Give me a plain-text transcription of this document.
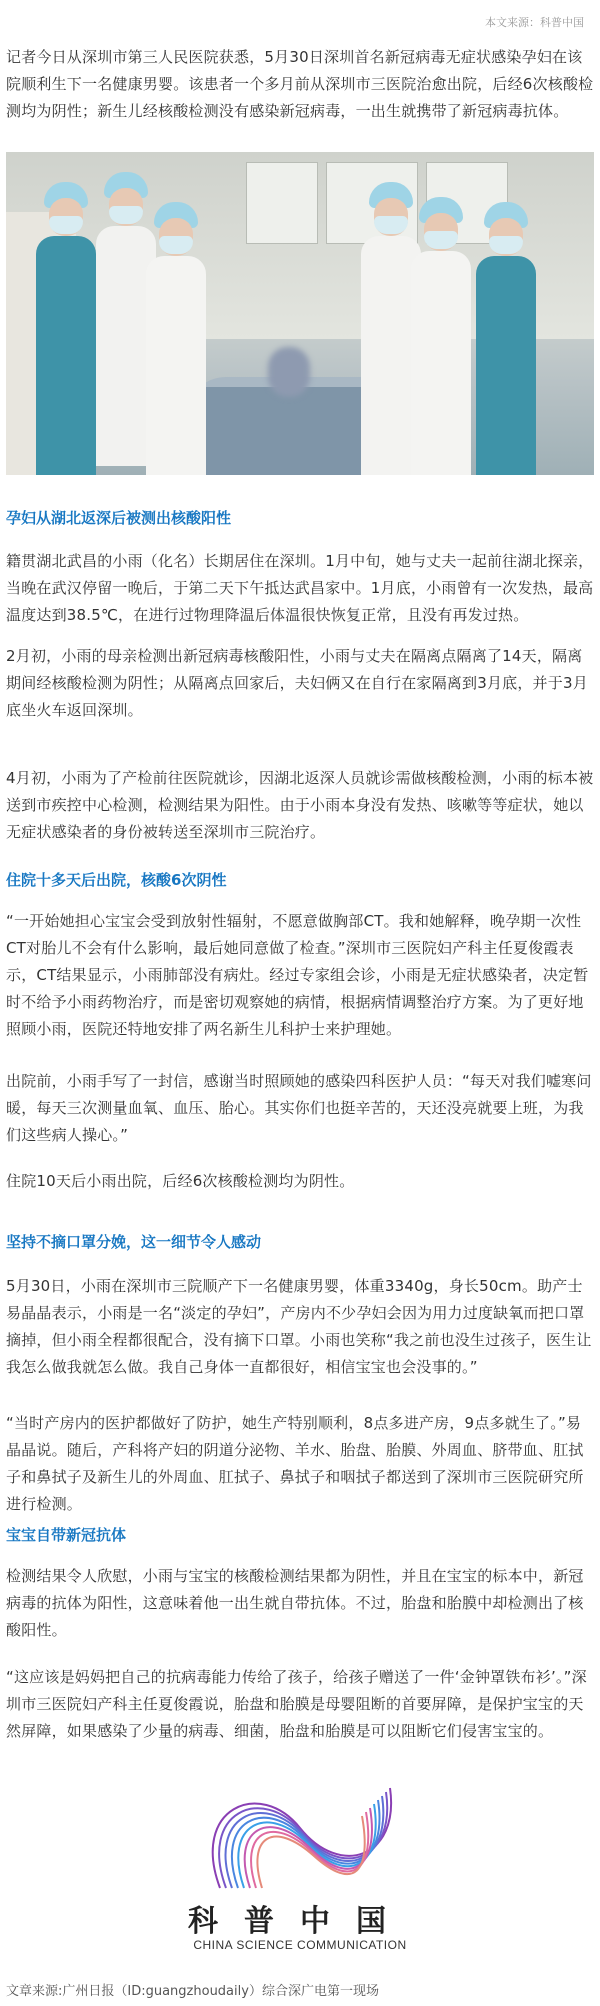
本文来源：科普中国

记者今日从深圳市第三人民医院获悉，5月30日深圳首名新冠病毒无症状感染孕妇在该院顺利生下一名健康男婴。该患者一个多月前从深圳市三医院治愈出院，后经6次核酸检测均为阴性；新生儿经核酸检测没有感染新冠病毒，一出生就携带了新冠病毒抗体。

孕妇从湖北返深后被测出核酸阳性

籍贯湖北武昌的小雨（化名）长期居住在深圳。1月中旬，她与丈夫一起前往湖北探亲，当晚在武汉停留一晚后，于第二天下午抵达武昌家中。1月底，小雨曾有一次发热，最高温度达到38.5℃，在进行过物理降温后体温很快恢复正常，且没有再发过热。

2月初，小雨的母亲检测出新冠病毒核酸阳性，小雨与丈夫在隔离点隔离了14天，隔离期间经核酸检测为阴性；从隔离点回家后，夫妇俩又在自行在家隔离到3月底，并于3月底坐火车返回深圳。

4月初，小雨为了产检前往医院就诊，因湖北返深人员就诊需做核酸检测，小雨的标本被送到市疾控中心检测，检测结果为阳性。由于小雨本身没有发热、咳嗽等等症状，她以无症状感染者的身份被转送至深圳市三院治疗。

住院十多天后出院，核酸6次阴性

“一开始她担心宝宝会受到放射性辐射，不愿意做胸部CT。我和她解释，晚孕期一次性CT对胎儿不会有什么影响，最后她同意做了检查。”深圳市三医院妇产科主任夏俊霞表示，CT结果显示，小雨肺部没有病灶。经过专家组会诊，小雨是无症状感染者，决定暂时不给予小雨药物治疗，而是密切观察她的病情，根据病情调整治疗方案。为了更好地照顾小雨，医院还特地安排了两名新生儿科护士来护理她。

出院前，小雨手写了一封信，感谢当时照顾她的感染四科医护人员：“每天对我们嘘寒问暖，每天三次测量血氧、血压、胎心。其实你们也挺辛苦的，天还没亮就要上班，为我们这些病人操心。”

住院10天后小雨出院，后经6次核酸检测均为阴性。

坚持不摘口罩分娩，这一细节令人感动

5月30日，小雨在深圳市三院顺产下一名健康男婴，体重3340g，身长50cm。助产士易晶晶表示，小雨是一名“淡定的孕妇”，产房内不少孕妇会因为用力过度缺氧而把口罩摘掉，但小雨全程都很配合，没有摘下口罩。小雨也笑称“我之前也没生过孩子，医生让我怎么做我就怎么做。我自己身体一直都很好，相信宝宝也会没事的。”

“当时产房内的医护都做好了防护，她生产特别顺利，8点多进产房，9点多就生了。”易晶晶说。随后，产科将产妇的阴道分泌物、羊水、胎盘、胎膜、外周血、脐带血、肛拭子和鼻拭子及新生儿的外周血、肛拭子、鼻拭子和咽拭子都送到了深圳市三医院研究所进行检测。

宝宝自带新冠抗体

检测结果令人欣慰，小雨与宝宝的核酸检测结果都为阴性，并且在宝宝的标本中，新冠病毒的抗体为阳性，这意味着他一出生就自带抗体。不过，胎盘和胎膜中却检测出了核酸阳性。

“这应该是妈妈把自己的抗病毒能力传给了孩子，给孩子赠送了一件‘金钟罩铁布衫’。”深圳市三医院妇产科主任夏俊霞说，胎盘和胎膜是母婴阻断的首要屏障，是保护宝宝的天然屏障，如果感染了少量的病毒、细菌，胎盘和胎膜是可以阻断它们侵害宝宝的。

科普中国
CHINA SCIENCE COMMUNICATION
文章来源:广州日报（ID:guangzhoudaily）综合深广电第一现场
